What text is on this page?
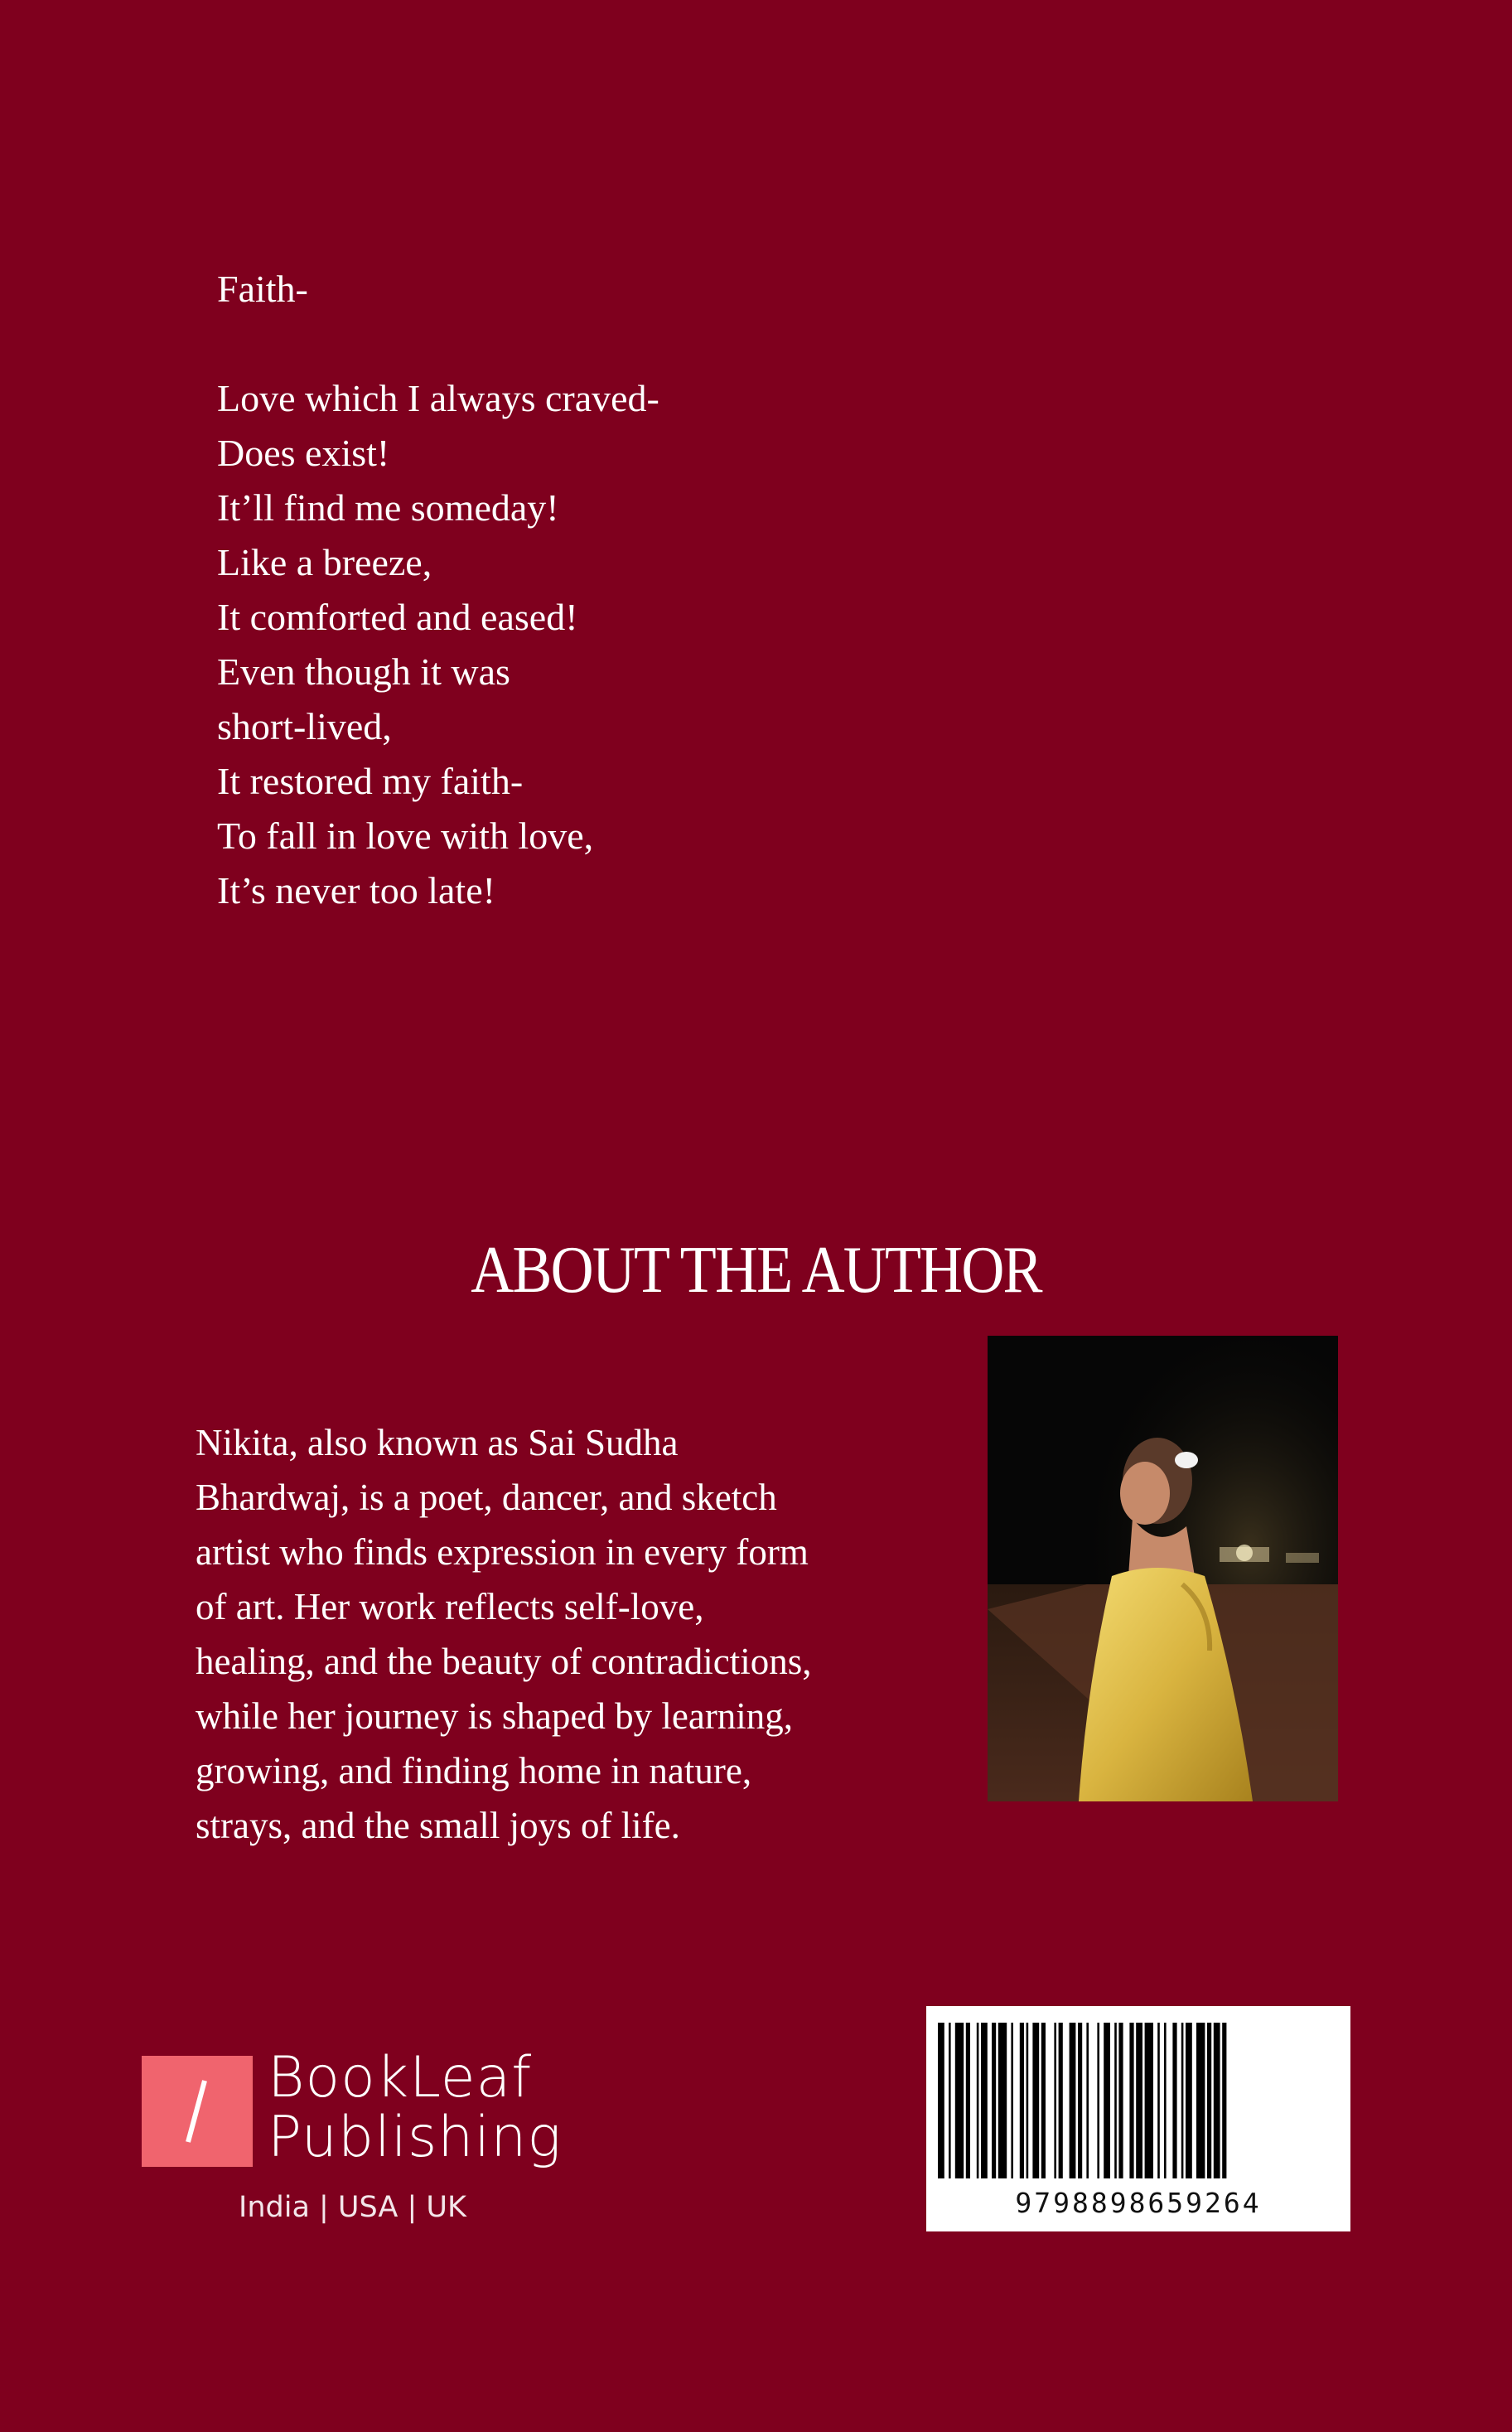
Faith-
Love which I always craved-
Does exist!
It’ll find me someday!
Like a breeze,
It comforted and eased!
Even though it was
short-lived,
It restored my faith-
To fall in love with love,
It’s never too late!
ABOUT THE AUTHOR
Nikita, also known as Sai Sudha
Bhardwaj, is a poet, dancer, and sketch
artist who finds expression in every form
of art. Her work reflects self-love,
healing, and the beauty of contradictions,
while her journey is shaped by learning,
growing, and finding home in nature,
strays, and the small joys of life.
BookLeaf
Publishing
India | USA | UK	9798898659264
